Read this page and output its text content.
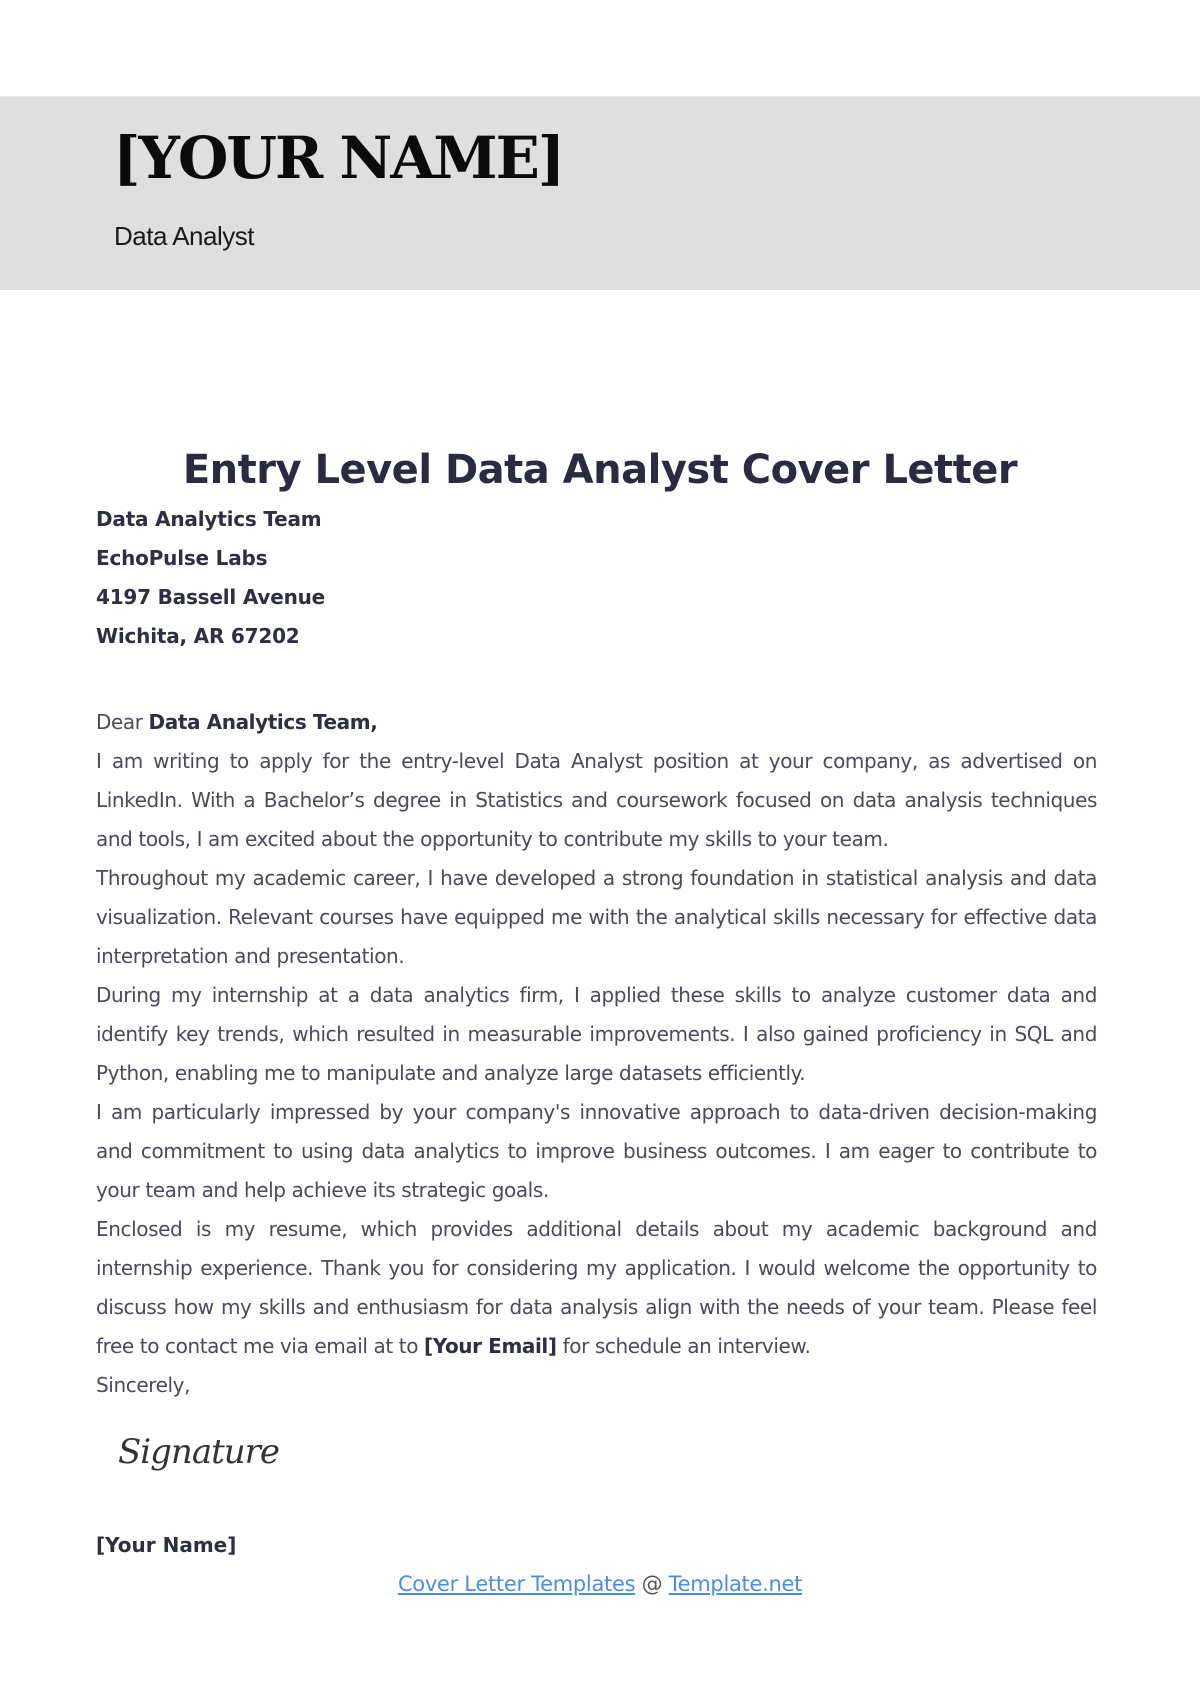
[YOUR NAME]

Data Analyst

Entry Level Data Analyst Cover Letter
Data Analytics Team
EchoPulse Labs
4197 Bassell Avenue
Wichita, AR 67202

Dear Data Analytics Team,

I am writing to apply for the entry-level Data Analyst position at your company, as advertised on LinkedIn. With a Bachelor’s degree in Statistics and coursework focused on data analysis techniques and tools, I am excited about the opportunity to contribute my skills to your team.

Throughout my academic career, I have developed a strong foundation in statistical analysis and data visualization. Relevant courses have equipped me with the analytical skills necessary for effective data interpretation and presentation.

During my internship at a data analytics firm, I applied these skills to analyze customer data and identify key trends, which resulted in measurable improvements. I also gained proficiency in SQL and Python, enabling me to manipulate and analyze large datasets efficiently.

I am particularly impressed by your company's innovative approach to data-driven decision-making and commitment to using data analytics to improve business outcomes. I am eager to contribute to your team and help achieve its strategic goals.

Enclosed is my resume, which provides additional details about my academic background and internship experience. Thank you for considering my application. I would welcome the opportunity to discuss how my skills and enthusiasm for data analysis align with the needs of your team. Please feel free to contact me via email at to [Your Email] for schedule an interview.

Sincerely,

Signature

[Your Name]

Cover Letter Templates @ Template.net
